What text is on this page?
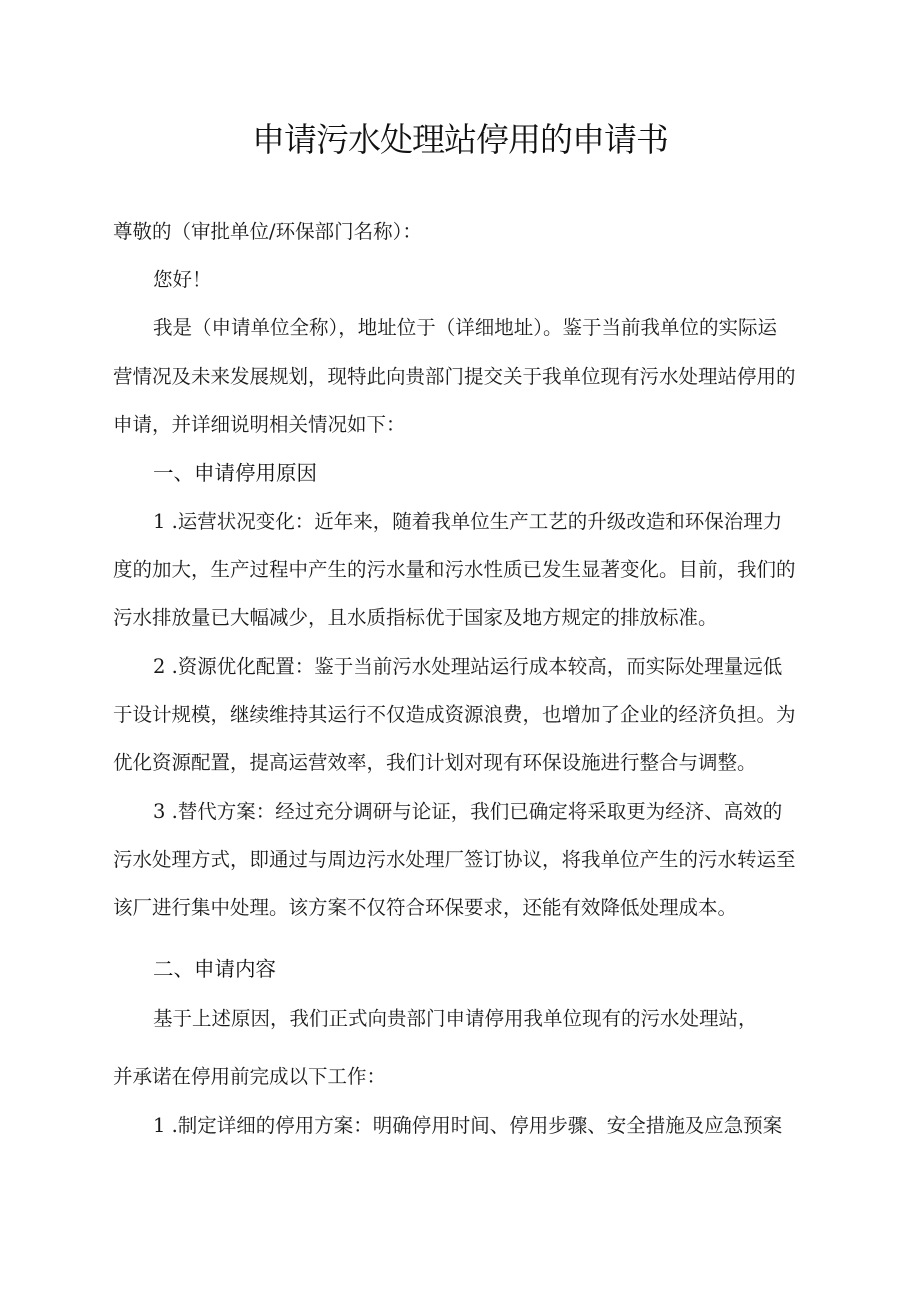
申请污水处理站停用的申请书
尊敬的（审批单位/环保部门名称）：
您好！
我是（申请单位全称），地址位于（详细地址）。鉴于当前我单位的实际运
营情况及未来发展规划，现特此向贵部门提交关于我单位现有污水处理站停用的
申请，并详细说明相关情况如下：
一、申请停用原因
1 .运营状况变化：近年来，随着我单位生产工艺的升级改造和环保治理力
度的加大，生产过程中产生的污水量和污水性质已发生显著变化。目前，我们的
污水排放量已大幅减少，且水质指标优于国家及地方规定的排放标准。
2 .资源优化配置：鉴于当前污水处理站运行成本较高，而实际处理量远低
于设计规模，继续维持其运行不仅造成资源浪费，也增加了企业的经济负担。为
优化资源配置，提高运营效率，我们计划对现有环保设施进行整合与调整。
3 .替代方案：经过充分调研与论证，我们已确定将采取更为经济、高效的
污水处理方式，即通过与周边污水处理厂签订协议，将我单位产生的污水转运至
该厂进行集中处理。该方案不仅符合环保要求，还能有效降低处理成本。
二、申请内容
基于上述原因，我们正式向贵部门申请停用我单位现有的污水处理站，
并承诺在停用前完成以下工作：
1 .制定详细的停用方案：明确停用时间、停用步骤、安全措施及应急预案
